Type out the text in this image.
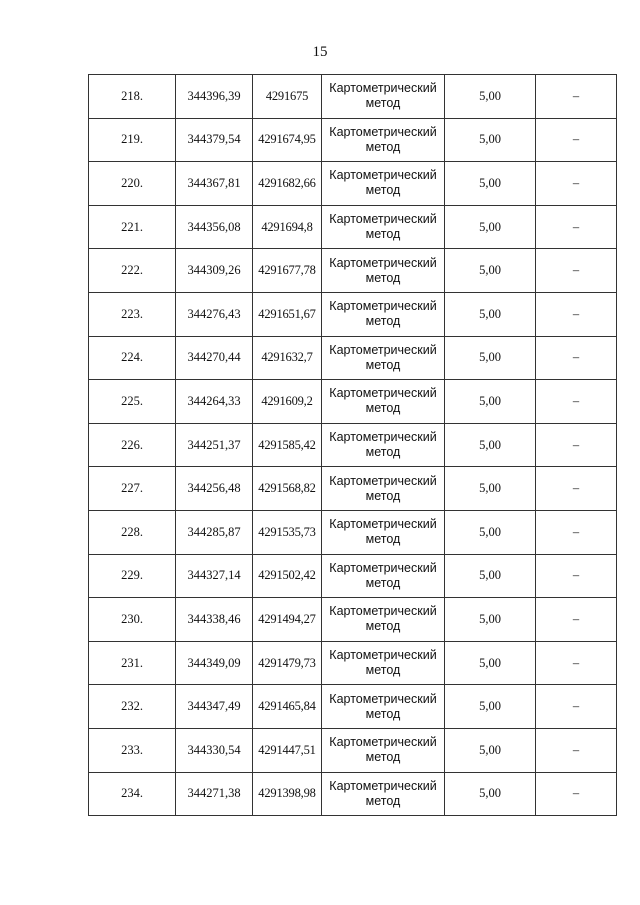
15
218.	344396,39	4291675	Картометрический метод	5,00	–
219.	344379,54	4291674,95	Картометрический метод	5,00	–
220.	344367,81	4291682,66	Картометрический метод	5,00	–
221.	344356,08	4291694,8	Картометрический метод	5,00	–
222.	344309,26	4291677,78	Картометрический метод	5,00	–
223.	344276,43	4291651,67	Картометрический метод	5,00	–
224.	344270,44	4291632,7	Картометрический метод	5,00	–
225.	344264,33	4291609,2	Картометрический метод	5,00	–
226.	344251,37	4291585,42	Картометрический метод	5,00	–
227.	344256,48	4291568,82	Картометрический метод	5,00	–
228.	344285,87	4291535,73	Картометрический метод	5,00	–
229.	344327,14	4291502,42	Картометрический метод	5,00	–
230.	344338,46	4291494,27	Картометрический метод	5,00	–
231.	344349,09	4291479,73	Картометрический метод	5,00	–
232.	344347,49	4291465,84	Картометрический метод	5,00	–
233.	344330,54	4291447,51	Картометрический метод	5,00	–
234.	344271,38	4291398,98	Картометрический метод	5,00	–
